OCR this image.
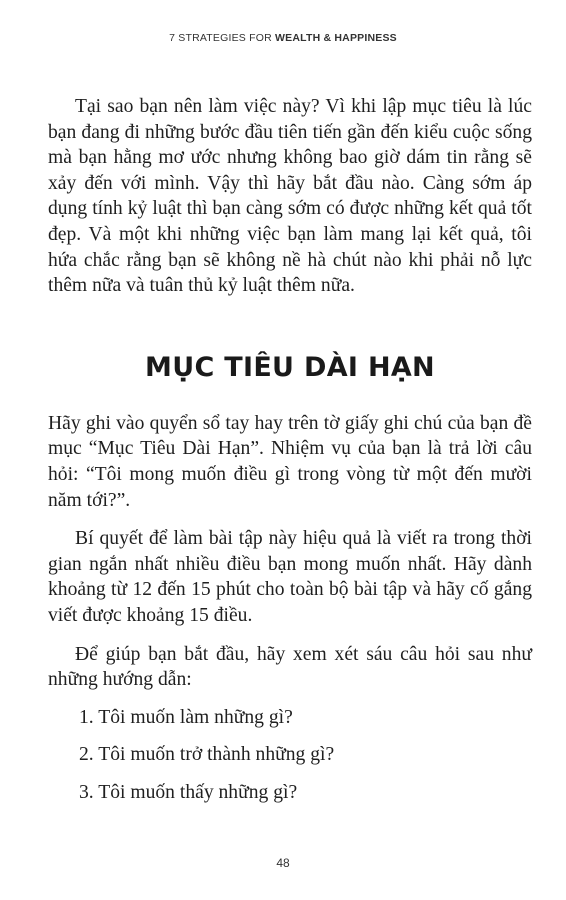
7 STRATEGIES FOR WEALTH & HAPPINESS

Tại sao bạn nên làm việc này? Vì khi lập mục tiêu là lúc bạn đang đi những bước đầu tiên tiến gần đến kiểu cuộc sống mà bạn hằng mơ ước nhưng không bao giờ dám tin rằng sẽ xảy đến với mình. Vậy thì hãy bắt đầu nào. Càng sớm áp dụng tính kỷ luật thì bạn càng sớm có được những kết quả tốt đẹp. Và một khi những việc bạn làm mang lại kết quả, tôi hứa chắc rằng bạn sẽ không nề hà chút nào khi phải nỗ lực thêm nữa và tuân thủ kỷ luật thêm nữa.

MỤC TIÊU DÀI HẠN

Hãy ghi vào quyển sổ tay hay trên tờ giấy ghi chú của bạn đề mục “Mục Tiêu Dài Hạn”. Nhiệm vụ của bạn là trả lời câu hỏi: “Tôi mong muốn điều gì trong vòng từ một đến mười năm tới?”.

Bí quyết để làm bài tập này hiệu quả là viết ra trong thời gian ngắn nhất nhiều điều bạn mong muốn nhất. Hãy dành khoảng từ 12 đến 15 phút cho toàn bộ bài tập và hãy cố gắng viết được khoảng 15 điều.

Để giúp bạn bắt đầu, hãy xem xét sáu câu hỏi sau như những hướng dẫn:

1. Tôi muốn làm những gì?

2. Tôi muốn trở thành những gì?

3. Tôi muốn thấy những gì?

48
